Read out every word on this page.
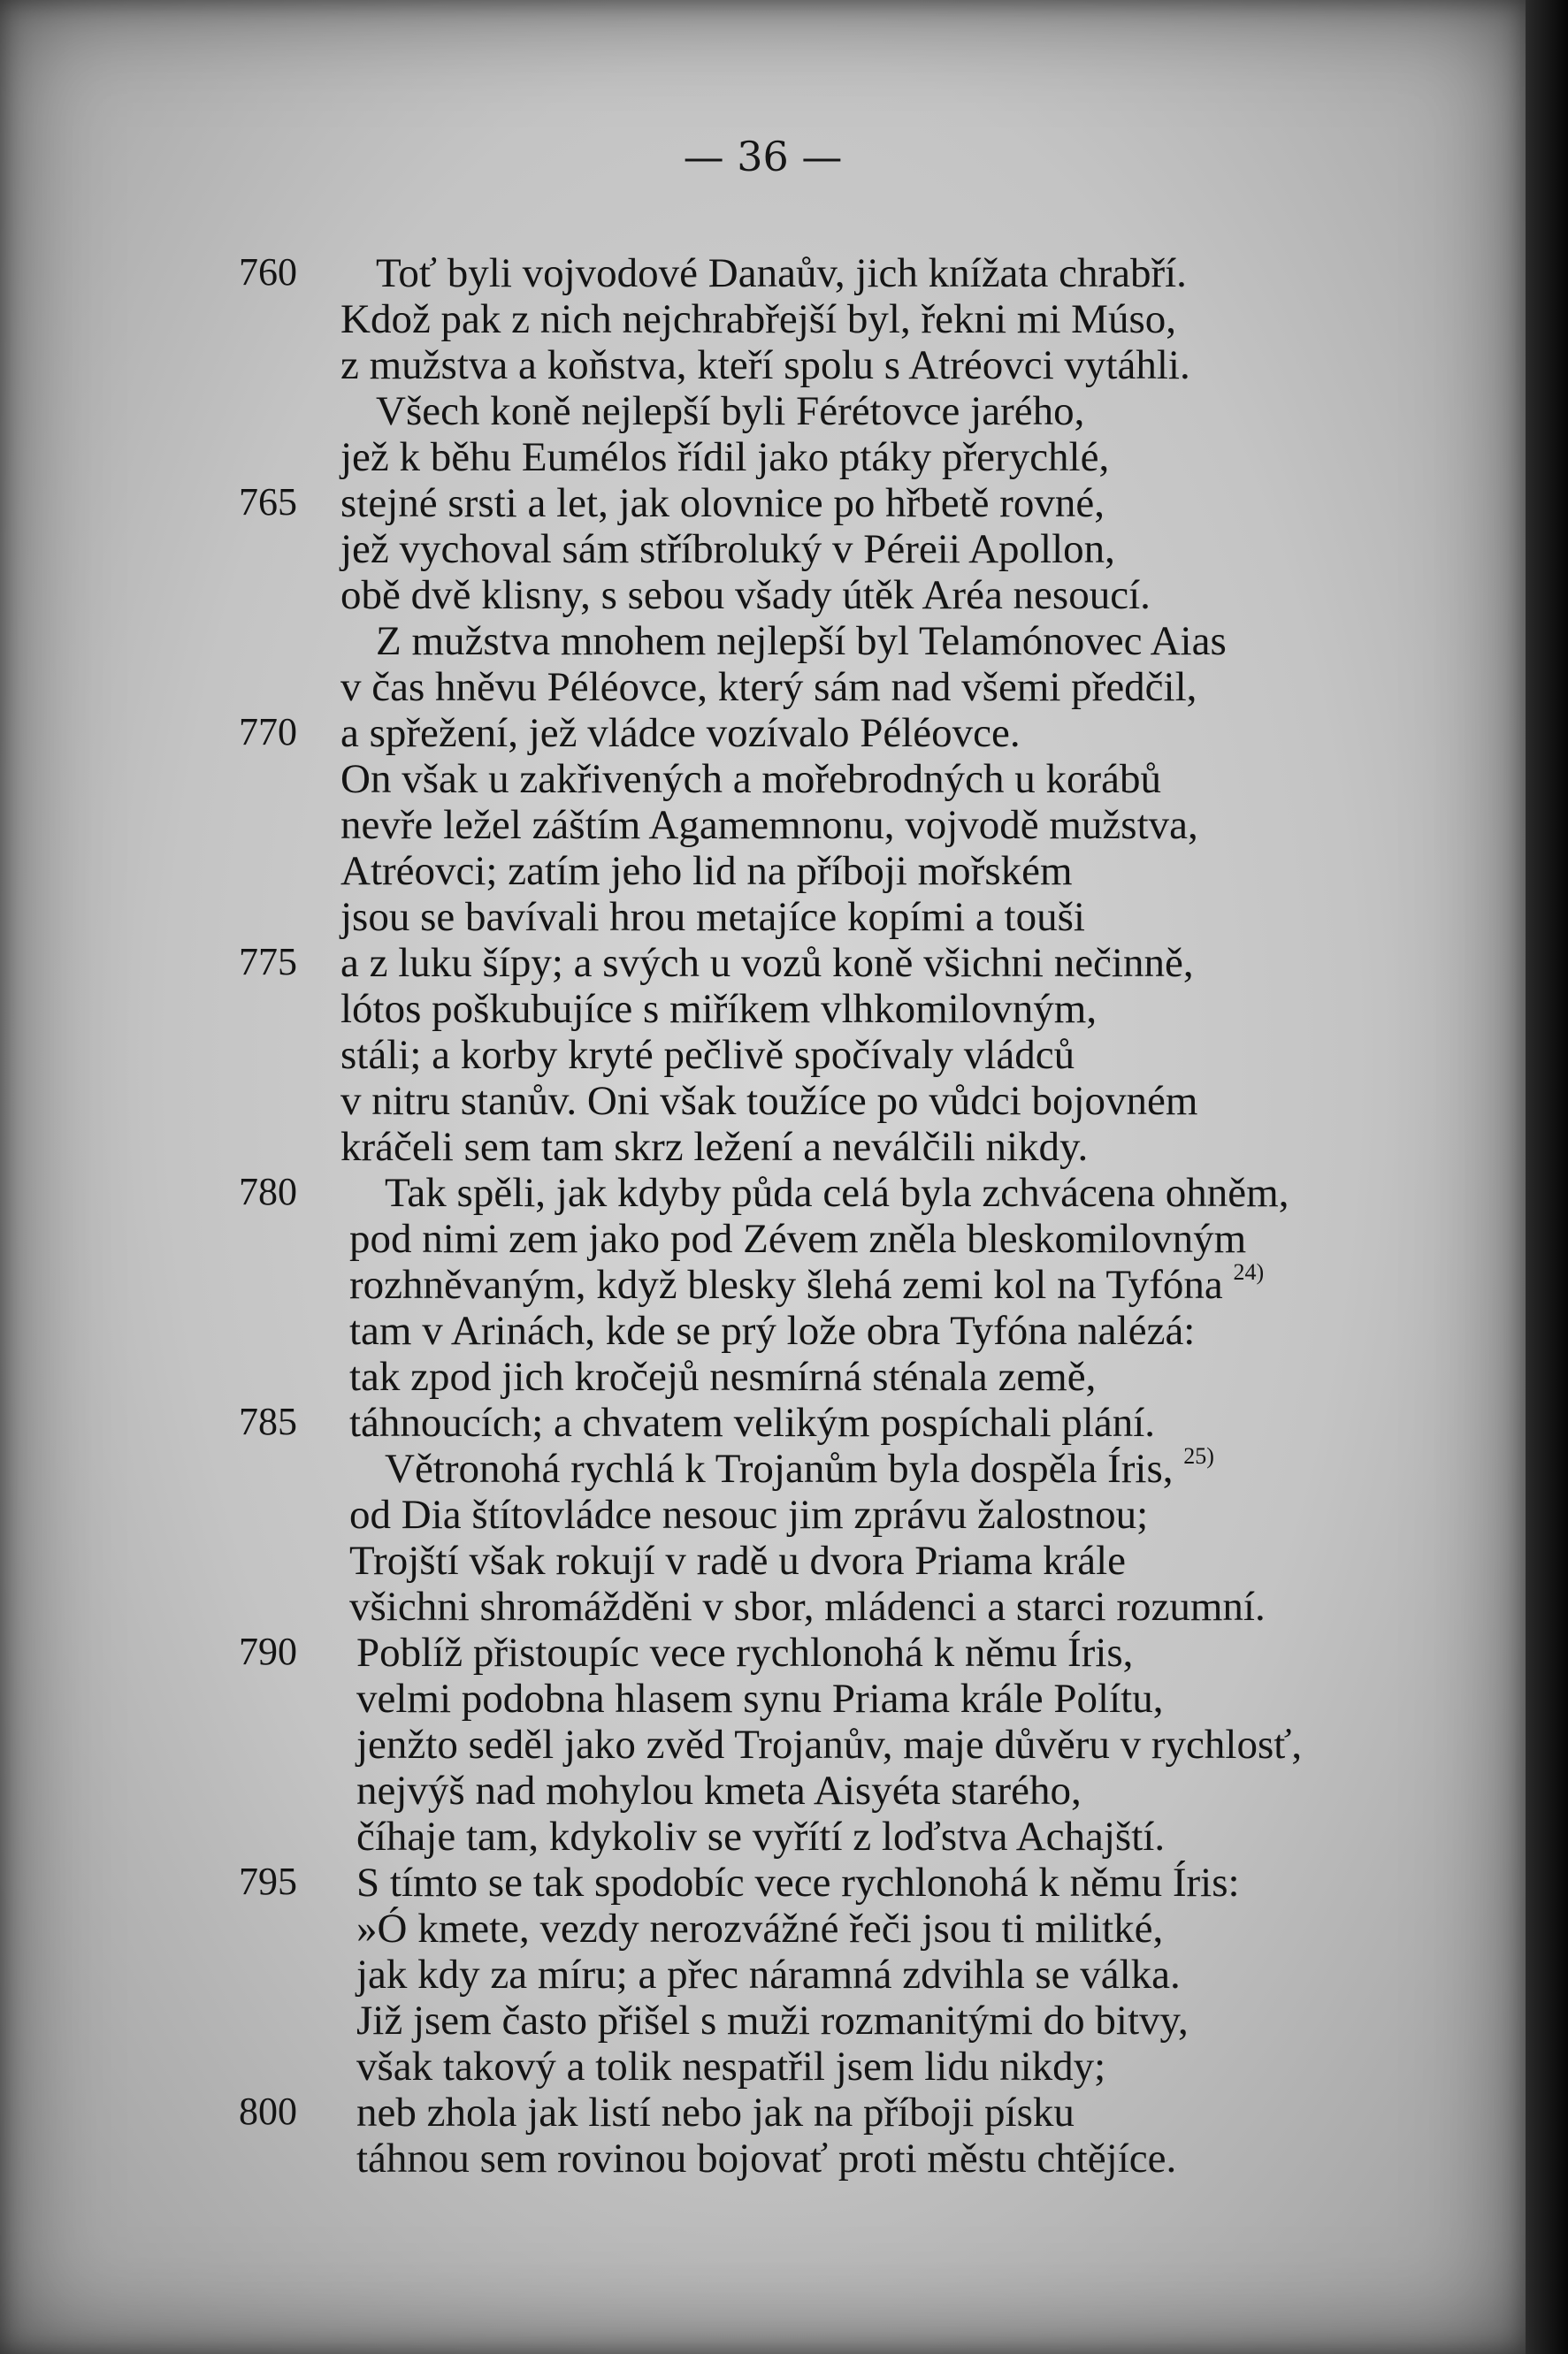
— 36 —
760	Toť byli vojvodové Danaův, jich knížata chrabří.
Kdož pak z nich nejchrabřejší byl, řekni mi Músо,
z mužstva a koňstva, kteří spolu s Atréovci vytáhli.
Všech koně nejlepší byli Férétovce jarého,
jež k běhu Eumélos řídil jako ptáky přerychlé,
765	stejné srsti a let, jak olovnice po hřbetě rovné,
jež vychoval sám stříbroluký v Péreii Apollon,
obě dvě klisny, s sebou všady útěk Aréa nesoucí.
Z mužstva mnohem nejlepší byl Telamónovec Aias
v čas hněvu Péléovce, který sám nad všemi předčil,
770	a spřežení, jež vládce vozívalo Péléovce.
On však u zakřivených a mořebrodných u korábů
nevře ležel záštím Agamemnonu, vojvodě mužstva,
Atréovci; zatím jeho lid na příboji mořském
jsou se bavívali hrou metajíce kopími a touši
775	a z luku šípy; a svých u vozů koně všichni nečinně,
lótos poškubujíce s miříkem vlhkomilovným,
stáli; a korby kryté pečlivě spočívaly vládců
v nitru stanův. Oni však toužíce po vůdci bojovném
kráčeli sem tam skrz ležení a neválčili nikdy.
780	Tak spěli, jak kdyby půda celá byla zchvácena ohněm,
pod nimi zem jako pod Zévem zněla bleskomilovným
rozhněvaným, když blesky šlehá zemi kol na Tyfóna $^{24)}$
tam v Arinách, kde se prý lože obra Tyfóna nalézá:
tak zpod jich kročejů nesmírná sténala země,
785	táhnoucích; a chvatem velikým pospíchali plání.
Větronohá rychlá k Trojanům byla dospěla Íris, $^{25)}$
od Dia štítovládce nesouc jim zprávu žalostnou;
Trojští však rokují v radě u dvora Priama krále
všichni shromážděni v sbor, mládenci a starci rozumní.
790	Poblíž přistoupíc vece rychlonohá k němu Íris,
velmi podobna hlasem synu Priama krále Polítu,
jenžto seděl jako zvěd Trojanův, maje důvěru v rychlosť,
nejvýš nad mohylou kmeta Aisyéta starého,
číhaje tam, kdykoliv se vyřítí z loďstva Achajští.
795	S tímto se tak spodobíc vece rychlonohá k němu Íris:
»Ó kmete, vezdy nerozvážné řeči jsou ti militké,
jak kdy za míru; a přec náramná zdvihla se válka.
Již jsem často přišel s muži rozmanitými do bitvy,
však takový a tolik nespatřil jsem lidu nikdy;
800	neb zhola jak listí nebo jak na příboji písku
táhnou sem rovinou bojovať proti městu chtějíce.
